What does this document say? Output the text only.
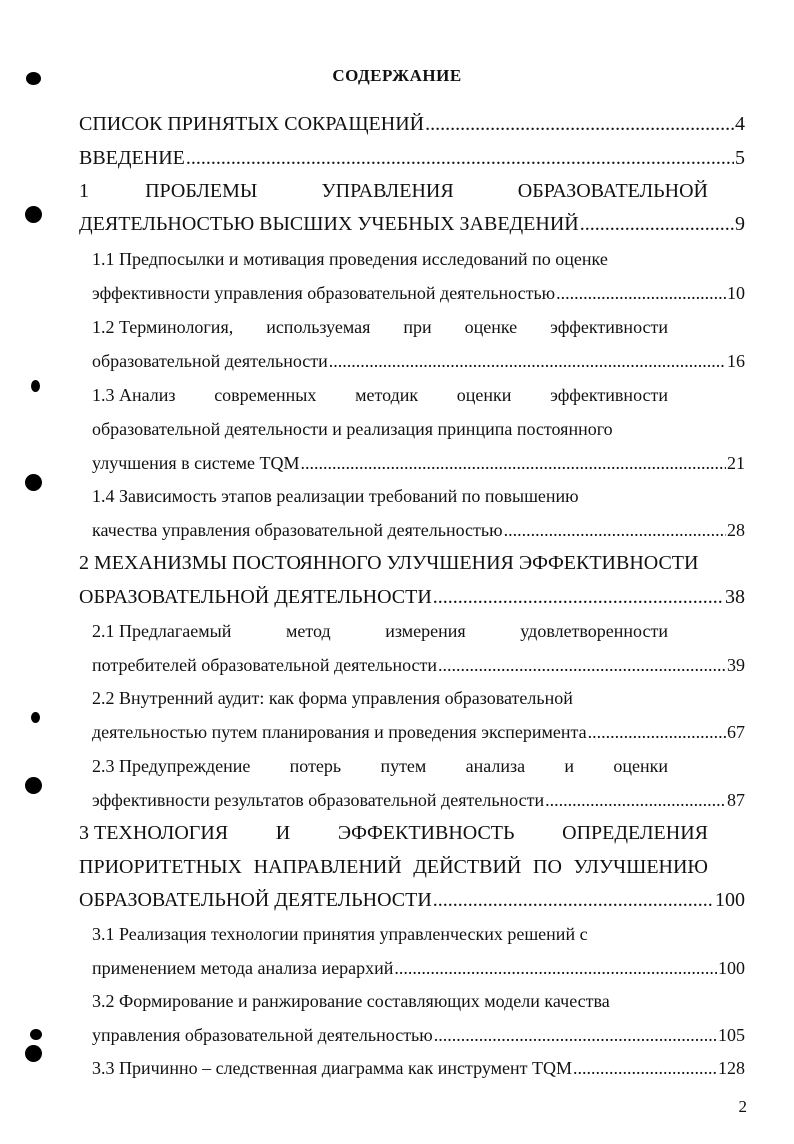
СОДЕРЖАНИЕ
СПИСОК ПРИНЯТЫХ СОКРАЩЕНИЙ .....	4
ВВЕДЕНИЕ .....	5
1	ПРОБЛЕМЫ	УПРАВЛЕНИЯ	ОБРАЗОВАТЕЛЬНОЙ
ДЕЯТЕЛЬНОСТЬЮ ВЫСШИХ УЧЕБНЫХ ЗАВЕДЕНИЙ .....	9
1.1 Предпосылки и мотивация проведения исследований по оценке
эффективности управления образовательной деятельностью .....	10
1.2 Терминология, используемая при оценке эффективности
образовательной деятельности .....	16
1.3 Анализ современных методик оценки эффективности
образовательной деятельности и реализация принципа постоянного
улучшения в системе TQM .....	21
1.4 Зависимость этапов реализации требований по повышению
качества управления образовательной деятельностью .....	28
2 МЕХАНИЗМЫ ПОСТОЯННОГО УЛУЧШЕНИЯ ЭФФЕКТИВНОСТИ
ОБРАЗОВАТЕЛЬНОЙ ДЕЯТЕЛЬНОСТИ .....	38
2.1 Предлагаемый	метод	измерения	удовлетворенности
потребителей образовательной деятельности .....	39
2.2 Внутренний аудит: как форма управления образовательной
деятельностью путем планирования и проведения эксперимента .....	67
2.3 Предупреждение потерь путем анализа и оценки
эффективности результатов образовательной деятельности .....	87
3 ТЕХНОЛОГИЯ И ЭФФЕКТИВНОСТЬ ОПРЕДЕЛЕНИЯ
ПРИОРИТЕТНЫХ НАПРАВЛЕНИЙ ДЕЙСТВИЙ ПО УЛУЧШЕНИЮ
ОБРАЗОВАТЕЛЬНОЙ ДЕЯТЕЛЬНОСТИ .....	100
3.1 Реализация технологии принятия управленческих решений с
применением метода анализа иерархий .....	100
3.2 Формирование и ранжирование составляющих модели качества
управления образовательной деятельностью .....	105
3.3 Причинно – следственная диаграмма как инструмент TQM .....	128
2
